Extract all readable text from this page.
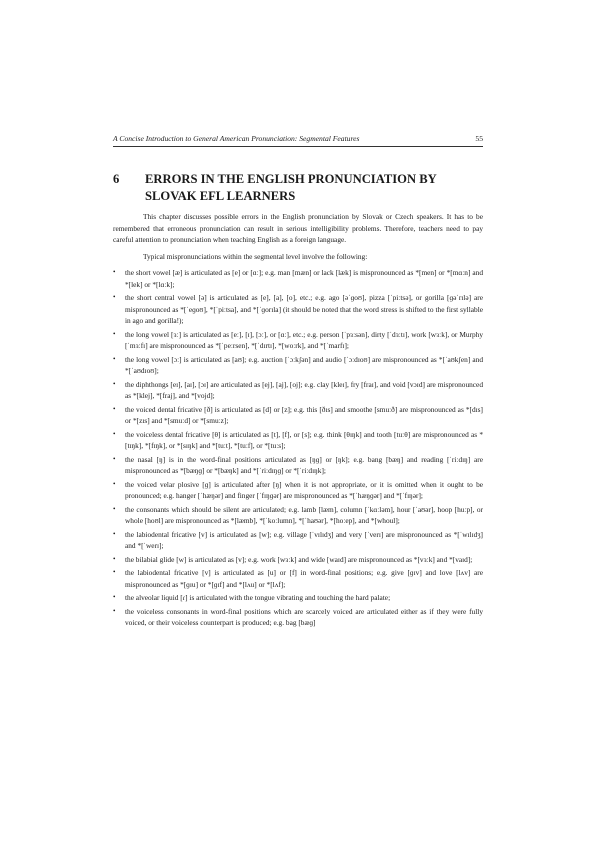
A Concise Introduction to General American Pronunciation: Segmental Features	55
6 ERRORS IN THE ENGLISH PRONUNCIATION BY SLOVAK EFL LEARNERS

This chapter discusses possible errors in the English pronunciation by Slovak or Czech speakers. It has to be remembered that erroneous pronunciation can result in serious intelligibility problems. Therefore, teachers need to pay careful attention to pronunciation when teaching English as a foreign language.

Typical mispronunciations within the segmental level involve the following:

• the short vowel [æ] is articulated as [e] or [ɑː]; e.g. man [mæn] or lack [læk] is mispronounced as *[men] or *[mɑːn] and *[lek] or *[lɑːk];
• the short central vowel [ə] is articulated as [e], [a], [o], etc.; e.g. ago [əˈɡoʊ], pizza [ˈpiːtsə], or gorilla [ɡəˈrɪlə] are mispronounced as *[ˈeɡoʊ], *[ˈpiːtsa], and *[ˈɡorɪla] (it should be noted that the word stress is shifted to the first syllable in ago and gorilla!);
• the long vowel [ɜː] is articulated as [eː], [ɪ], [ɔː], or [ɑː], etc.; e.g. person [ˈpɜːsən], dirty [ˈdɜːtɪ], work [wɜːk], or Murphy [ˈmɜːfɪ] are mispronounced as *[ˈpeːrsen], *[ˈdɪrtɪ], *[woːrk], and *[ˈmarfɪ];
• the long vowel [ɔː] is articulated as [aʊ]; e.g. auction [ˈɔːkʃən] and audio [ˈɔːdɪoʊ] are mispronounced as *[ˈaʊkʃen] and *[ˈaʊdɪoʊ];
• the diphthongs [eɪ], [aɪ], [ɔɪ] are articulated as [ej], [aj], [oj]; e.g. clay [kleɪ], fry [fraɪ], and void [vɔɪd] are mispronounced as *[klej], *[fraj], and *[vojd];
• the voiced dental fricative [ð] is articulated as [d] or [z]; e.g. this [ðɪs] and smoothe [smuːð] are mispronounced as *[dɪs] or *[zɪs] and *[smuːd] or *[smuːz];
• the voiceless dental fricative [θ] is articulated as [t], [f], or [s]; e.g. think [θɪŋk] and tooth [tuːθ] are mispronounced as *[tɪŋk], *[fɪŋk], or *[sɪŋk] and *[tuːt], *[tuːf], or *[tuːs];
• the nasal [ŋ] is in the word-final positions articulated as [ŋɡ] or [ŋk]; e.g. bang [bæŋ] and reading [ˈriːdɪŋ] are mispronounced as *[bæŋɡ] or *[bæŋk] and *[ˈriːdɪŋɡ] or *[ˈriːdɪŋk];
• the voiced velar plosive [ɡ] is articulated after [ŋ] when it is not appropriate, or it is omitted when it ought to be pronounced; e.g. hanger [ˈhæŋər] and finger [ˈfɪŋɡər] are mispronounced as *[ˈhæŋɡər] and *[ˈfɪŋər];
• the consonants which should be silent are articulated; e.g. lamb [læm], column [ˈkɑːləm], hour [ˈaʊər], hoop [huːp], or whole [hoʊl] are mispronounced as *[læmb], *[ˈkoːlumn], *[ˈhaʊər], *[hoːep], and *[whoul];
• the labiodental fricative [v] is articulated as [w]; e.g. village [ˈvɪlɪdʒ] and very [ˈverɪ] are mispronounced as *[ˈwɪlɪdʒ] and *[ˈwerɪ];
• the bilabial glide [w] is articulated as [v]; e.g. work [wɜːk] and wide [waɪd] are mispronounced as *[vɜːk] and *[vaɪd];
• the labiodental fricative [v] is articulated as [u] or [f] in word-final positions; e.g. give [ɡɪv] and love [lʌv] are mispronounced as *[ɡɪu] or *[ɡɪf] and *[lʌu] or *[lʌf];
• the alveolar liquid [ɾ] is articulated with the tongue vibrating and touching the hard palate;
• the voiceless consonants in word-final positions which are scarcely voiced are articulated either as if they were fully voiced, or their voiceless counterpart is produced; e.g. bag [bæɡ]
